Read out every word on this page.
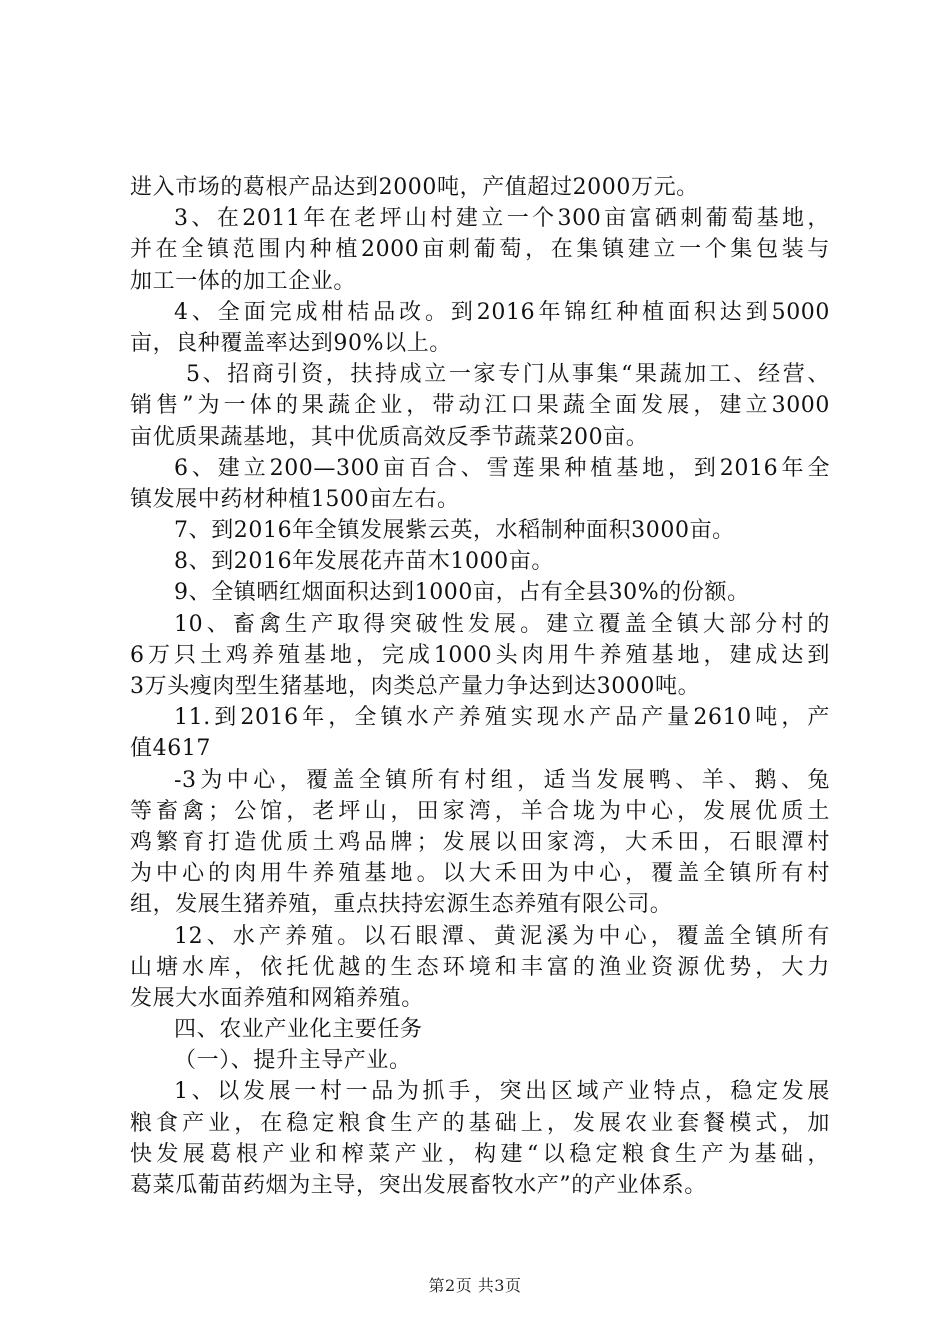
进入市场的葛根产品达到2000吨，产值超过2000万元。
3、在2011年在老坪山村建立一个300亩富硒刺葡萄基地，
并在全镇范围内种植2000亩刺葡萄，在集镇建立一个集包装与
加工一体的加工企业。
4、全面完成柑桔品改。到2016年锦红种植面积达到5000
亩，良种覆盖率达到90%以上。
5、招商引资，扶持成立一家专门从事集“果蔬加工、经营、
销售”为一体的果蔬企业，带动江口果蔬全面发展，建立3000
亩优质果蔬基地，其中优质高效反季节蔬菜200亩。
6、建立200—300亩百合、雪莲果种植基地，到2016年全
镇发展中药材种植1500亩左右。
7、到2016年全镇发展紫云英，水稻制种面积3000亩。
8、到2016年发展花卉苗木1000亩。
9、全镇晒红烟面积达到1000亩，占有全县30%的份额。
10、畜禽生产取得突破性发展。建立覆盖全镇大部分村的
6万只土鸡养殖基地，完成1000头肉用牛养殖基地，建成达到
3万头瘦肉型生猪基地，肉类总产量力争达到达3000吨。
11.到2016年，全镇水产养殖实现水产品产量2610吨，产
值4617
-3为中心，覆盖全镇所有村组，适当发展鸭、羊、鹅、兔
等畜禽；公馆，老坪山，田家湾，羊合垅为中心，发展优质土
鸡繁育打造优质土鸡品牌；发展以田家湾，大禾田，石眼潭村
为中心的肉用牛养殖基地。以大禾田为中心，覆盖全镇所有村
组，发展生猪养殖，重点扶持宏源生态养殖有限公司。
12、水产养殖。以石眼潭、黄泥溪为中心，覆盖全镇所有
山塘水库，依托优越的生态环境和丰富的渔业资源优势，大力
发展大水面养殖和网箱养殖。
四、农业产业化主要任务
（一）、提升主导产业。
1、以发展一村一品为抓手，突出区域产业特点，稳定发展
粮食产业，在稳定粮食生产的基础上，发展农业套餐模式，加
快发展葛根产业和榨菜产业，构建“以稳定粮食生产为基础，
葛菜瓜葡苗药烟为主导，突出发展畜牧水产”的产业体系。
第2页 共3页
